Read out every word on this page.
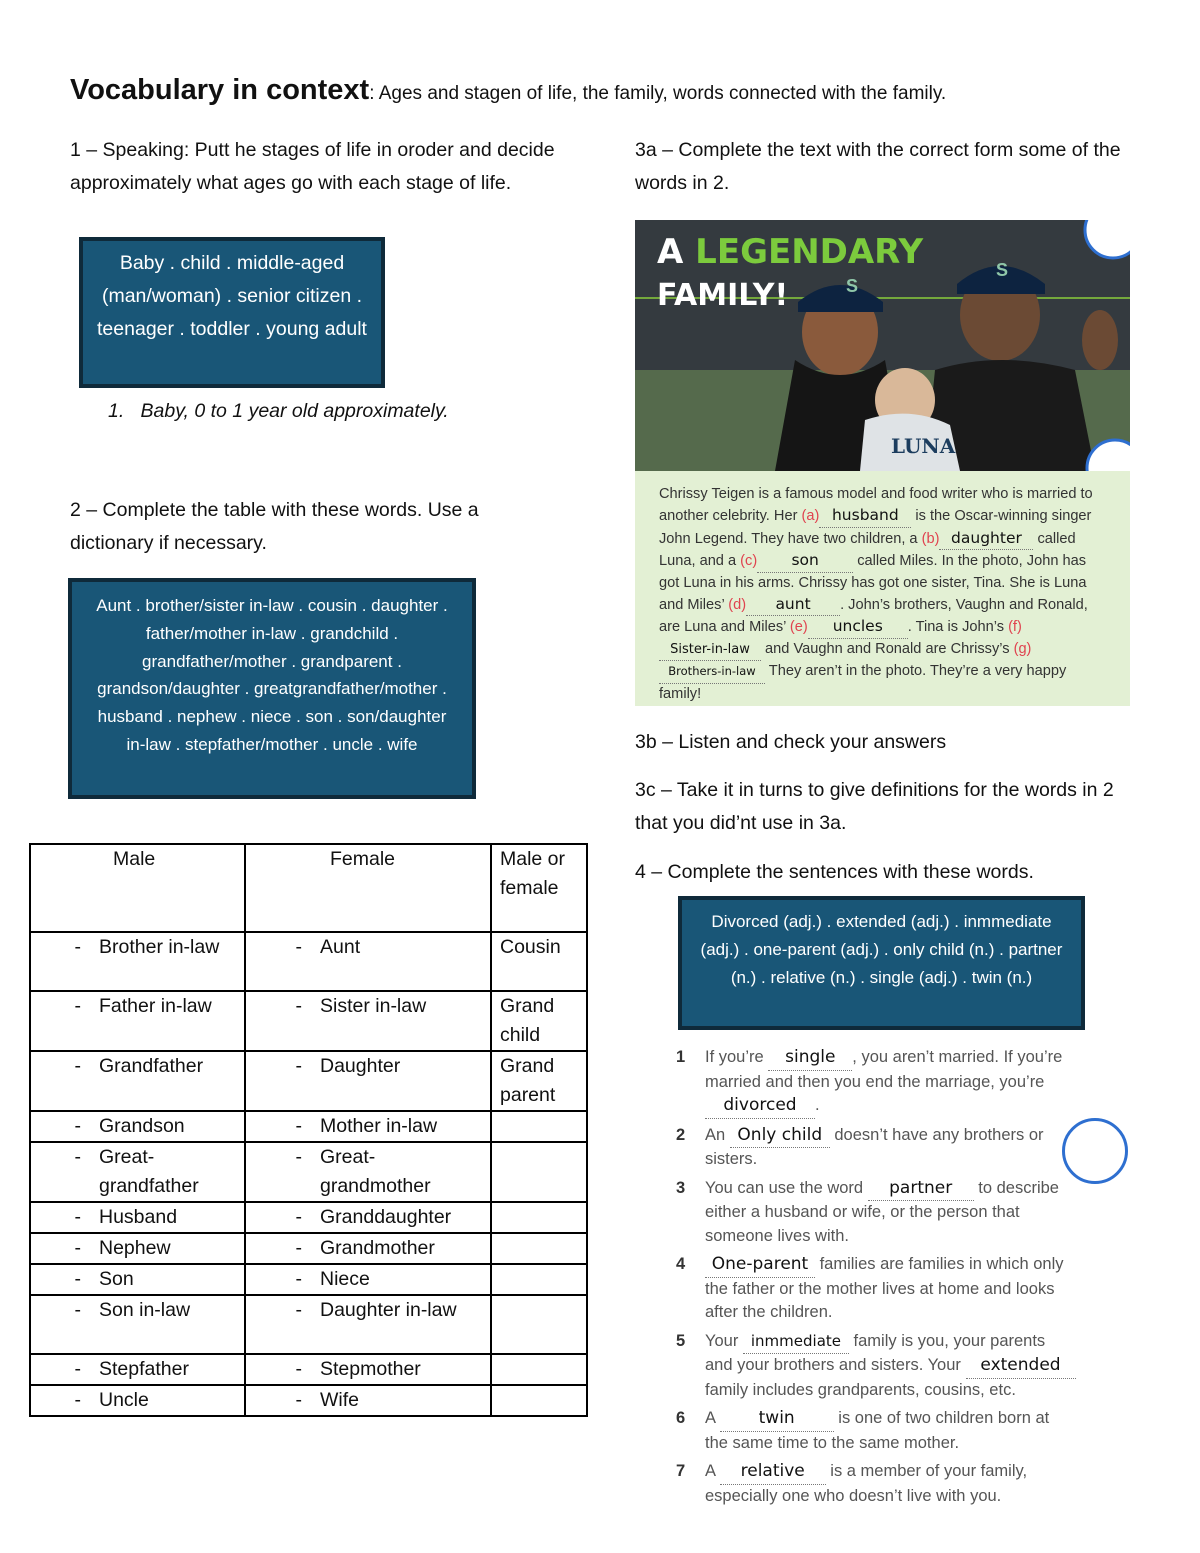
Vocabulary in context: Ages and stagen of life, the family, words connected with the family.
1 – Speaking: Putt he stages of life in oroder and decide approximately what ages go with each stage of life.
Baby . child . middle-aged (man/woman) . senior citizen . teenager . toddler . young adult
1. Baby, 0 to 1 year old approximately.
2 – Complete the table with these words. Use a dictionary if necessary.
Aunt . brother/sister in-law . cousin . daughter . father/mother in-law . grandchild . grandfather/mother . grandparent . grandson/daughter . greatgrandfather/mother . husband . nephew . niece . son . son/daughter in-law . stepfather/mother . uncle . wife
Male	Female	Male or female

- Brother in-law	- Aunt	Cousin

- Father in-law	- Sister in-law	Grand child

- Grandfather	- Daughter	Grand parent

- Grandson	- Mother in-law	

- Great-grandfather	- Great-grandmother	

- Husband	- Granddaughter	

- Nephew	- Grandmother	

- Son	- Niece	

- Son in-law	- Daughter in-law	

- Stepfather	- Stepmother	

- Uncle	- Wife	

3a – Complete the text with the correct form some of the words in 2.
A LEGENDARY
FAMILY!	S
S
LUNA
Chrissy Teigen is a famous model and food writer who is married to another celebrity. Her (a) husband is the Oscar-winning singer John Legend. They have two children, a (b) daughter called Luna, and a (c) son called Miles. In the photo, John has got Luna in his arms. Chrissy has got one sister, Tina. She is Luna and Miles’ (d) aunt . John’s brothers, Vaughn and Ronald, are Luna and Miles’ (e) uncles . Tina is John’s (f)Sister-in-law and Vaughn and Ronald are Chrissy’s (g)Brothers-in-law They aren’t in the photo. They’re a very happy family!
3b – Listen and check your answers
3c – Take it in turns to give definitions for the words in 2 that you did’nt use in 3a.
4 – Complete the sentences with these words.
Divorced (adj.) . extended (adj.) . inmmediate (adj.) . one-parent (adj.) . only child (n.) . partner (n.) . relative (n.) . single (adj.) . twin (n.)
1 If you’re single , you aren’t married. If you’re married and then you end the marriage, you’re divorced .
2 An Only child doesn’t have any brothers or sisters.
3 You can use the word partner to describe either a husband or wife, or the person that someone lives with.
4 One-parent families are families in which only the father or the mother lives at home and looks after the children.
5 Your inmmediate family is you, your parents and your brothers and sisters. Your extended family includes grandparents, cousins, etc.
6 A twin is one of two children born at the same time to the same mother.
7 A relative is a member of your family, especially one who doesn’t live with you.
